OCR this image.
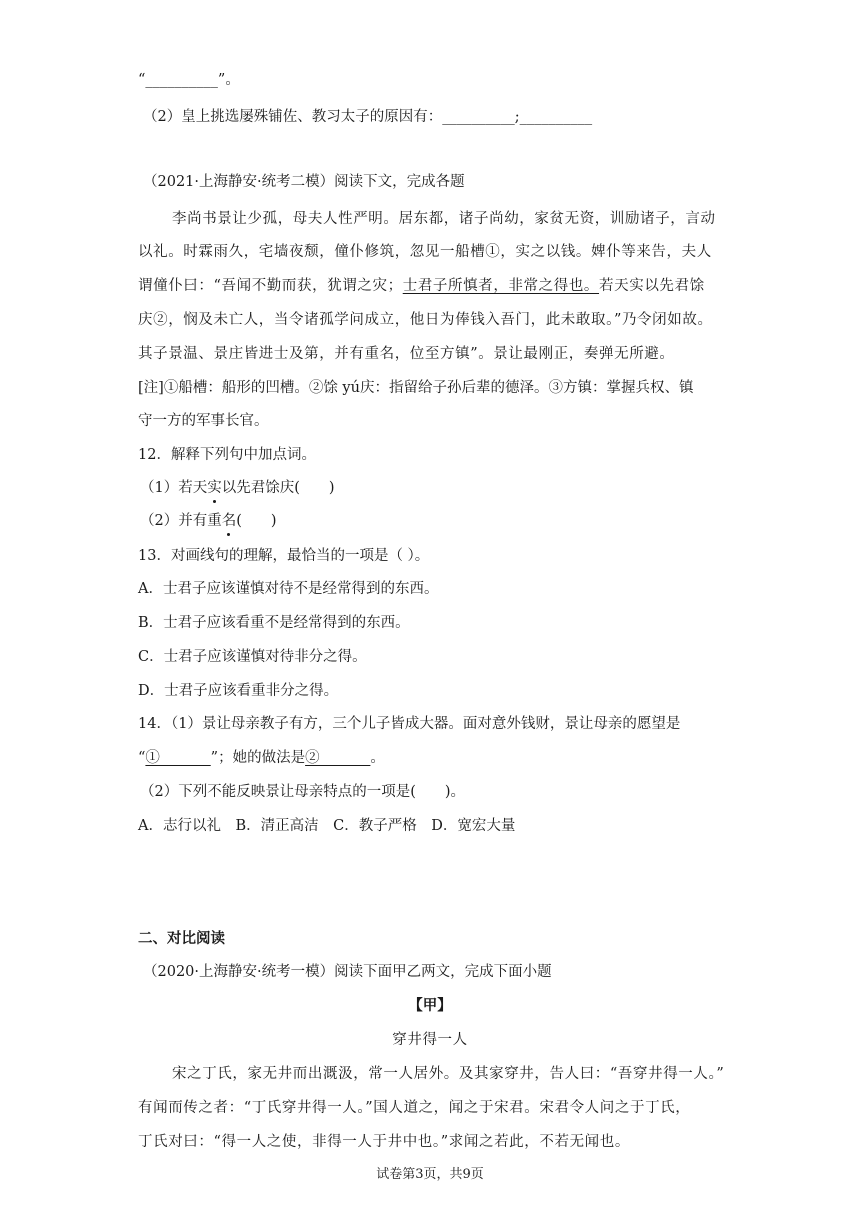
“__________”。
（2）皇上挑选屡殊铺佐、教习太子的原因有：__________;__________
（2021·上海静安·统考二模）阅读下文，完成各题
李尚书景让少孤，母夫人性严明。居东都，诸子尚幼，家贫无资，训励诸子，言动
以礼。时霖雨久，宅墙夜颓，僮仆修筑，忽见一船槽①，实之以钱。婢仆等来告，夫人
谓僮仆曰：“吾闻不勤而获，犹谓之灾；士君子所慎者，非常之得也。若天实以先君馀
庆②，悯及未亡人，当令诸孤学问成立，他日为俸钱入吾门，此未敢取。”乃令闭如故。
其子景温、景庄皆进士及第，并有重名，位至方镇”。景让最刚正，奏弹无所避。
[注]①船槽：船形的凹槽。②馀 yú庆：指留给子孙后辈的德泽。③方镇：掌握兵权、镇
守一方的军事长官。
12．解释下列句中加点词。
（1）若天实以先君馀庆(　　)
（2）并有重名(　　)
13．对画线句的理解，最恰当的一项是（ ）。
A．士君子应该谨慎对待不是经常得到的东西。
B．士君子应该看重不是经常得到的东西。
C．士君子应该谨慎对待非分之得。
D．士君子应该看重非分之得。
14．（1）景让母亲教子有方，三个儿子皆成大器。面对意外钱财，景让母亲的愿望是
“①_______”；她的做法是②_______。
（2）下列不能反映景让母亲特点的一项是(　　)。
A．志行以礼　B．清正高洁　C．教子严格　D．宽宏大量
二、对比阅读
（2020·上海静安·统考一模）阅读下面甲乙两文，完成下面小题
【甲】
穿井得一人
宋之丁氏，家无井而出溉汲，常一人居外。及其家穿井，告人曰：“吾穿井得一人。”
有闻而传之者：“丁氏穿井得一人。”国人道之，闻之于宋君。宋君令人问之于丁氏，
丁氏对曰：“得一人之使，非得一人于井中也。”求闻之若此，不若无闻也。
试卷第3页，共9页
